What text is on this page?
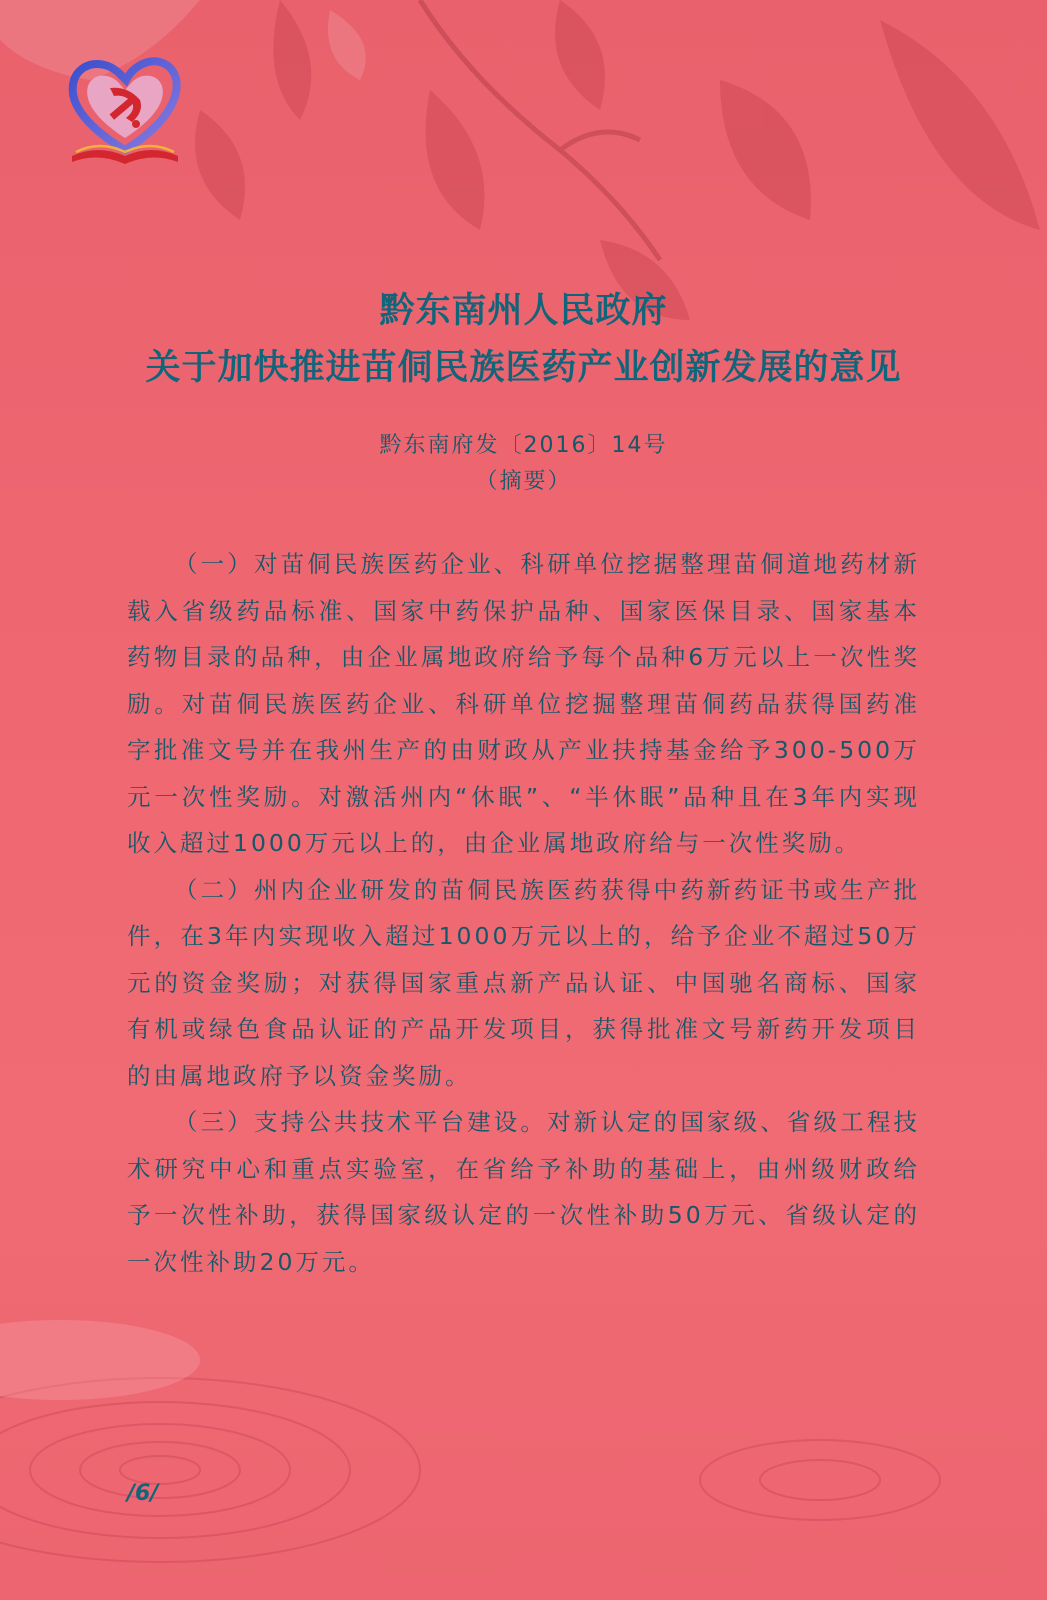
黔东南州人民政府
关于加快推进苗侗民族医药产业创新发展的意见
黔东南府发〔2016〕14号
（摘要）

（一）对苗侗民族医药企业、科研单位挖据整理苗侗道地药材新载入省级药品标准、国家中药保护品种、国家医保目录、国家基本药物目录的品种，由企业属地政府给予每个品种6万元以上一次性奖励。对苗侗民族医药企业、科研单位挖掘整理苗侗药品获得国药准字批准文号并在我州生产的由财政从产业扶持基金给予300-500万元一次性奖励。对激活州内“休眠”、“半休眠”品种且在3年内实现收入超过1000万元以上的，由企业属地政府给与一次性奖励。

（二）州内企业研发的苗侗民族医药获得中药新药证书或生产批件，在3年内实现收入超过1000万元以上的，给予企业不超过50万元的资金奖励；对获得国家重点新产品认证、中国驰名商标、国家有机或绿色食品认证的产品开发项目，获得批准文号新药开发项目的由属地政府予以资金奖励。

（三）支持公共技术平台建设。对新认定的国家级、省级工程技术研究中心和重点实验室，在省给予补助的基础上，由州级财政给予一次性补助，获得国家级认定的一次性补助50万元、省级认定的一次性补助20万元。

/6/
